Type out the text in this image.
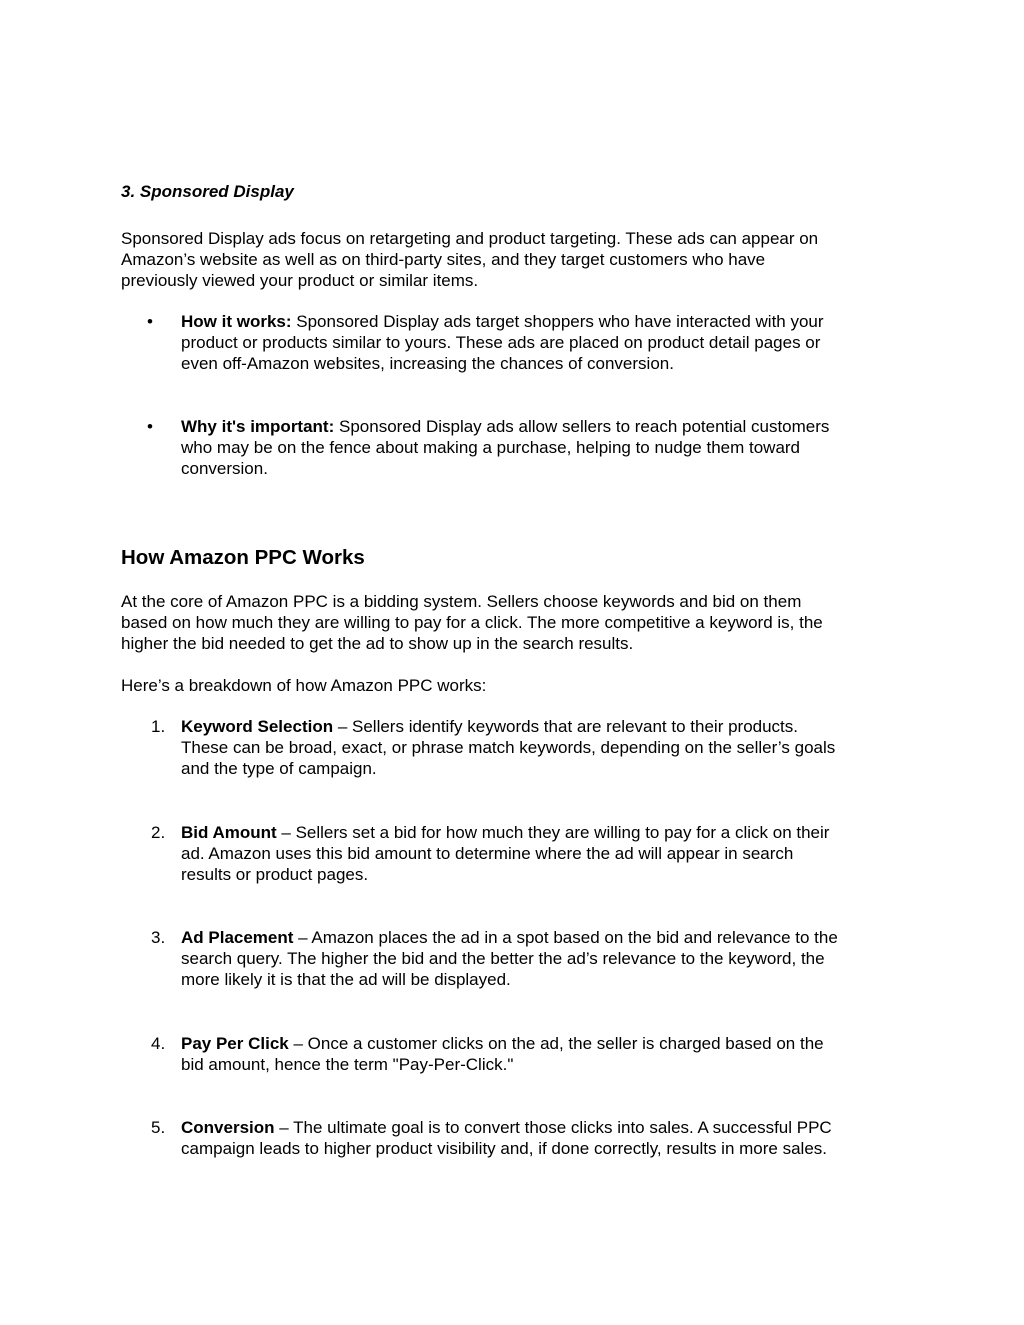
3. Sponsored Display
Sponsored Display ads focus on retargeting and product targeting. These ads can appear on
Amazon’s website as well as on third-party sites, and they target customers who have
previously viewed your product or similar items.
• How it works: Sponsored Display ads target shoppers who have interacted with your
product or products similar to yours. These ads are placed on product detail pages or
even off-Amazon websites, increasing the chances of conversion.
• Why it's important: Sponsored Display ads allow sellers to reach potential customers
who may be on the fence about making a purchase, helping to nudge them toward
conversion.
How Amazon PPC Works
At the core of Amazon PPC is a bidding system. Sellers choose keywords and bid on them
based on how much they are willing to pay for a click. The more competitive a keyword is, the
higher the bid needed to get the ad to show up in the search results.
Here’s a breakdown of how Amazon PPC works:
1. Keyword Selection – Sellers identify keywords that are relevant to their products.
These can be broad, exact, or phrase match keywords, depending on the seller’s goals
and the type of campaign.
2. Bid Amount – Sellers set a bid for how much they are willing to pay for a click on their
ad. Amazon uses this bid amount to determine where the ad will appear in search
results or product pages.
3. Ad Placement – Amazon places the ad in a spot based on the bid and relevance to the
search query. The higher the bid and the better the ad’s relevance to the keyword, the
more likely it is that the ad will be displayed.
4. Pay Per Click – Once a customer clicks on the ad, the seller is charged based on the
bid amount, hence the term "Pay-Per-Click."
5. Conversion – The ultimate goal is to convert those clicks into sales. A successful PPC
campaign leads to higher product visibility and, if done correctly, results in more sales.
